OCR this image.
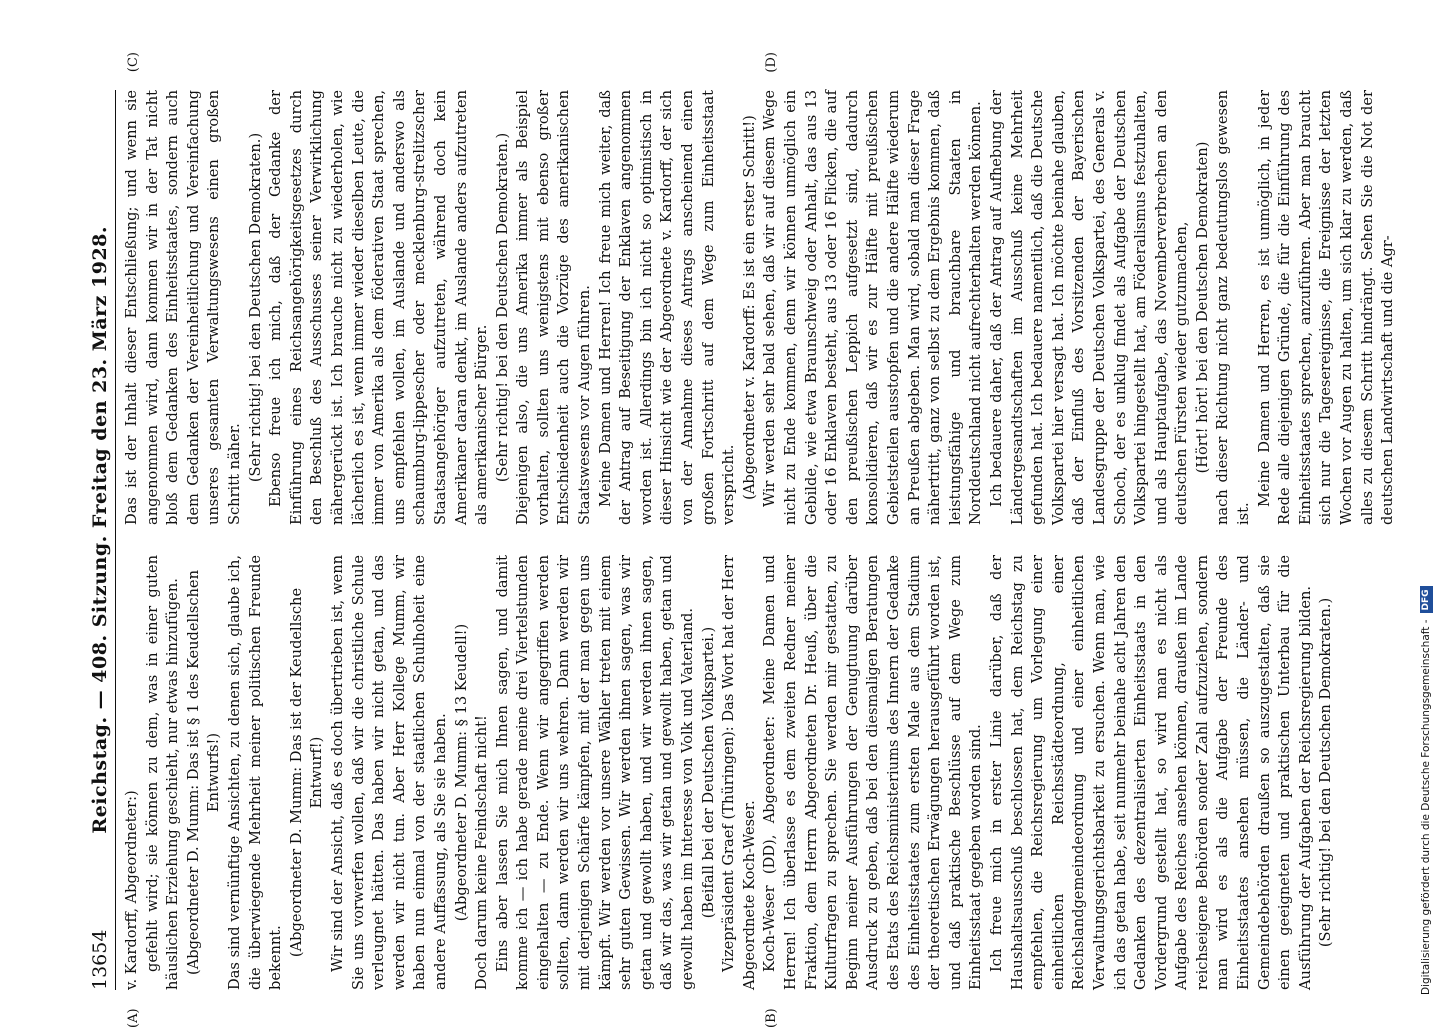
13654
Reichstag. — 408. Sitzung. Freitag den 23. März 1928.
(A)	(B)

v. Kardorff, Abgeordneter:) gefehlt wird; sie können zu dem, was in einer guten häuslichen Erziehung geschieht, nur etwas hinzufügen. (Abgeordneter D. Mumm: Das ist § 1 des Keudellschen Entwurfs!) Das sind vernünftige Ansichten, zu denen sich, glaube ich, die überwiegende Mehrheit meiner politischen Freunde bekennt.

(Abgeordneter D. Mumm: Das ist der Keudellsche Entwurf!) Wir sind der Ansicht, daß es doch übertrieben ist, wenn Sie uns vorwerfen wollen, daß wir die christliche Schule verleugnet hätten. Das haben wir nicht getan, und das werden wir nicht tun. Aber Herr Kollege Mumm, wir haben nun einmal von der staatlichen Schulhoheit eine andere Auffassung, als Sie sie haben. (Abgeordneter D. Mumm: § 13 Keudell!) Doch darum keine Feindschaft nicht! Eins aber lassen Sie mich Ihnen sagen, und damit komme ich — ich habe gerade meine drei Viertelstunden eingehalten — zu Ende. Wenn wir angegriffen werden sollten, dann werden wir uns wehren. Dann werden wir mit derjenigen Schärfe kämpfen, mit der man gegen uns kämpft. Wir werden vor unsere Wähler treten mit einem sehr guten Gewissen. Wir werden ihnen sagen, was wir getan und gewollt haben, und wir werden ihnen sagen, daß wir das, was wir getan und gewollt haben, getan und gewollt haben im Interesse von Volk und Vaterland. (Beifall bei der Deutschen Volkspartei.) Vizepräsident Graef (Thüringen): Das Wort hat der Herr Abgeordnete Koch-Weser. Koch-Weser (DD), Abgeordneter: Meine Damen und Herren! Ich überlasse es dem zweiten Redner meiner Fraktion, dem Herrn Abgeordneten Dr. Heuß, über die Kulturfragen zu sprechen. Sie werden mir gestatten, zu Beginn meiner Ausführungen der Genugtuung darüber Ausdruck zu geben, daß bei den diesmaligen Beratungen des Etats des Reichsministeriums des Innern der Gedanke des Einheitsstaates zum ersten Male aus dem Stadium der theoretischen Erwägungen herausgeführt worden ist, und daß praktische Beschlüsse auf dem Wege zum Einheitsstaat gegeben worden sind. Ich freue mich in erster Linie darüber, daß der Haushaltsausschuß beschlossen hat, dem Reichstag zu empfehlen, die Reichsregierung um Vorlegung einer einheitlichen Reichsstädteordnung, einer Reichslandgemeindeordnung und einer einheitlichen Verwaltungsgerichtsbarkeit zu ersuchen. Wenn man, wie ich das getan habe, seit nunmehr beinahe acht Jahren den Gedanken des dezentralisierten Einheitsstaats in den Vordergrund gestellt hat, so wird man es nicht als Aufgabe des Reiches ansehen können, draußen im Lande reichseigene Behörden sonder Zahl aufzuziehen, sondern man wird es als die Aufgabe der Freunde des Einheitsstaates ansehen müssen, die Länder- und Gemeindebehörden draußen so auszugestalten, daß sie einen geeigneten und praktischen Unterbau für die Ausführung der Aufgaben der Reichsregierung bilden. (Sehr richtig! bei den Deutschen Demokraten.)

(C)	(D)

Das ist der Inhalt dieser Entschließung; und wenn sie angenommen wird, dann kommen wir in der Tat nicht bloß dem Gedanken des Einheitsstaates, sondern auch dem Gedanken der Vereinheitlichung und Vereinfachung unseres gesamten Verwaltungswesens einen großen Schritt näher. (Sehr richtig! bei den Deutschen Demokraten.) Ebenso freue ich mich, daß der Gedanke der Einführung eines Reichsangehörigkeitsgesetzes durch den Beschluß des Ausschusses seiner Verwirklichung nähergerückt ist. Ich brauche nicht zu wiederholen, wie lächerlich es ist, wenn immer wieder dieselben Leute, die immer von Amerika als dem föderativen Staat sprechen, uns empfehlen wollen, im Auslande und anderswo als schaumburg-lippescher oder mecklenburg-strelitzscher Staatsangehöriger aufzutreten, während doch kein Amerikaner daran denkt, im Auslande anders aufzutreten als amerikanischer Bürger. (Sehr richtig! bei den Deutschen Demokraten.) Diejenigen also, die uns Amerika immer als Beispiel vorhalten, sollten uns wenigstens mit ebenso großer Entschiedenheit auch die Vorzüge des amerikanischen Staatswesens vor Augen führen. Meine Damen und Herren! Ich freue mich weiter, daß der Antrag auf Beseitigung der Enklaven angenommen worden ist. Allerdings bin ich nicht so optimistisch in dieser Hinsicht wie der Abgeordnete v. Kardorff, der sich von der Annahme dieses Antrags anscheinend einen großen Fortschritt auf dem Wege zum Einheitsstaat verspricht. (Abgeordneter v. Kardorff: Es ist ein erster Schritt!) Wir werden sehr bald sehen, daß wir auf diesem Wege nicht zu Ende kommen, denn wir können unmöglich ein Gebilde, wie etwa Braunschweig oder Anhalt, das aus 13 oder 16 Enklaven besteht, aus 13 oder 16 Flicken, die auf den preußischen Leppich aufgesetzt sind, dadurch konsolidieren, daß wir es zur Hälfte mit preußischen Gebietsteilen ausstopfen und die andere Hälfte wiederum an Preußen abgeben. Man wird, sobald man dieser Frage nähertritt, ganz von selbst zu dem Ergebnis kommen, daß leistungsfähige und brauchbare Staaten in Norddeutschland nicht aufrechterhalten werden können. Ich bedauere daher, daß der Antrag auf Aufhebung der Ländergesandtschaften im Ausschuß keine Mehrheit gefunden hat. Ich bedauere namentlich, daß die Deutsche Volkspartei hier versagt hat. Ich möchte beinahe glauben, daß der Einfluß des Vorsitzenden der Bayerischen Landesgruppe der Deutschen Volkspartei, des Generals v. Schoch, der es unklug findet als Aufgabe der Deutschen Volkspartei hingestellt hat, am Föderalismus festzuhalten, und als Hauptaufgabe, das Novemberverbrechen an den deutschen Fürsten wieder gutzumachen, (Hört! hört! bei den Deutschen Demokraten) nach dieser Richtung nicht ganz bedeutungslos gewesen ist.

Meine Damen und Herren, es ist unmöglich, in jeder Rede alle diejenigen Gründe, die für die Einführung des Einheitsstaates sprechen, anzuführen. Aber man braucht sich nur die Tagesereignisse, die Ereignisse der letzten Wochen vor Augen zu halten, um sich klar zu werden, daß alles zu diesem Schritt hindrängt. Sehen Sie die Not der deutschen Landwirtschaft und die Agr-

Digitalisierung gefördert durch die Deutsche Forschungsgemeinschaft -
DFG
